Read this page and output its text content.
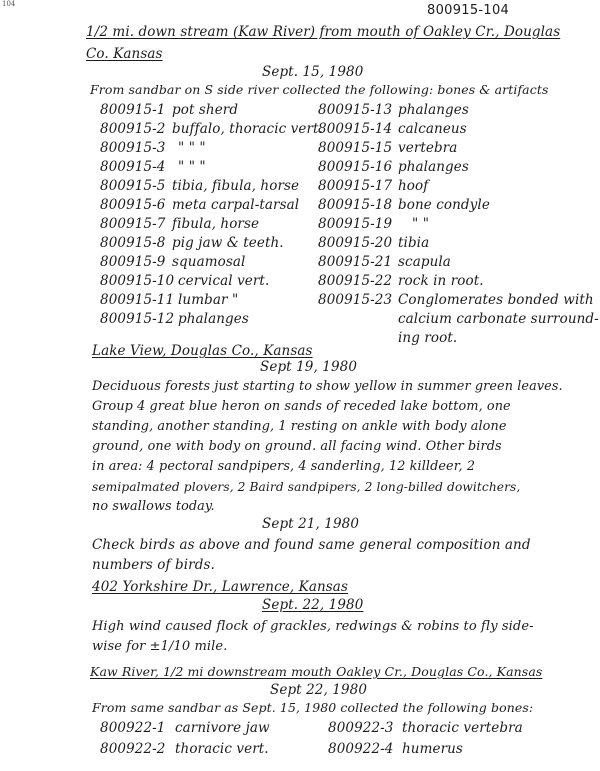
104	800915-104
1/2 mi. down stream (Kaw River) from mouth of Oakley Cr., Douglas
Co. Kansas
Sept. 15, 1980
From sandbar on S side river collected the following: bones & artifacts
800915-1 pot sherd
800915-2 buffalo, thoracic vert.
800915-3 " " "
800915-4 " " "
800915-5 tibia, fibula, horse
800915-6 meta carpal-tarsal
800915-7 fibula, horse
800915-8 pig jaw & teeth.
800915-9 squamosal
800915-10 cervical vert.
800915-11 lumbar "
800915-12 phalanges
800915-13 phalanges
800915-14 calcaneus
800915-15 vertebra
800915-16 phalanges
800915-17 hoof
800915-18 bone condyle
800915-19 " "
800915-20 tibia
800915-21 scapula
800915-22 rock in root.
800915-23 Conglomerates bonded with
calcium carbonate surround-
ing root.
Lake View, Douglas Co., Kansas
Sept 19, 1980
Deciduous forests just starting to show yellow in summer green leaves.
Group 4 great blue heron on sands of receded lake bottom, one
standing, another standing, 1 resting on ankle with body alone
ground, one with body on ground. all facing wind. Other birds
in area: 4 pectoral sandpipers, 4 sanderling, 12 killdeer, 2
semipalmated plovers, 2 Baird sandpipers, 2 long-billed dowitchers,
no swallows today.
Sept 21, 1980
Check birds as above and found same general composition and
numbers of birds.
402 Yorkshire Dr., Lawrence, Kansas
Sept. 22, 1980
High wind caused flock of grackles, redwings & robins to fly side-
wise for ±1/10 mile.
Kaw River, 1/2 mi downstream mouth Oakley Cr., Douglas Co., Kansas
Sept 22, 1980
From same sandbar as Sept. 15, 1980 collected the following bones:
800922-1 carnivore jaw	800922-3 thoracic vertebra
800922-2 thoracic vert.	800922-4 humerus
